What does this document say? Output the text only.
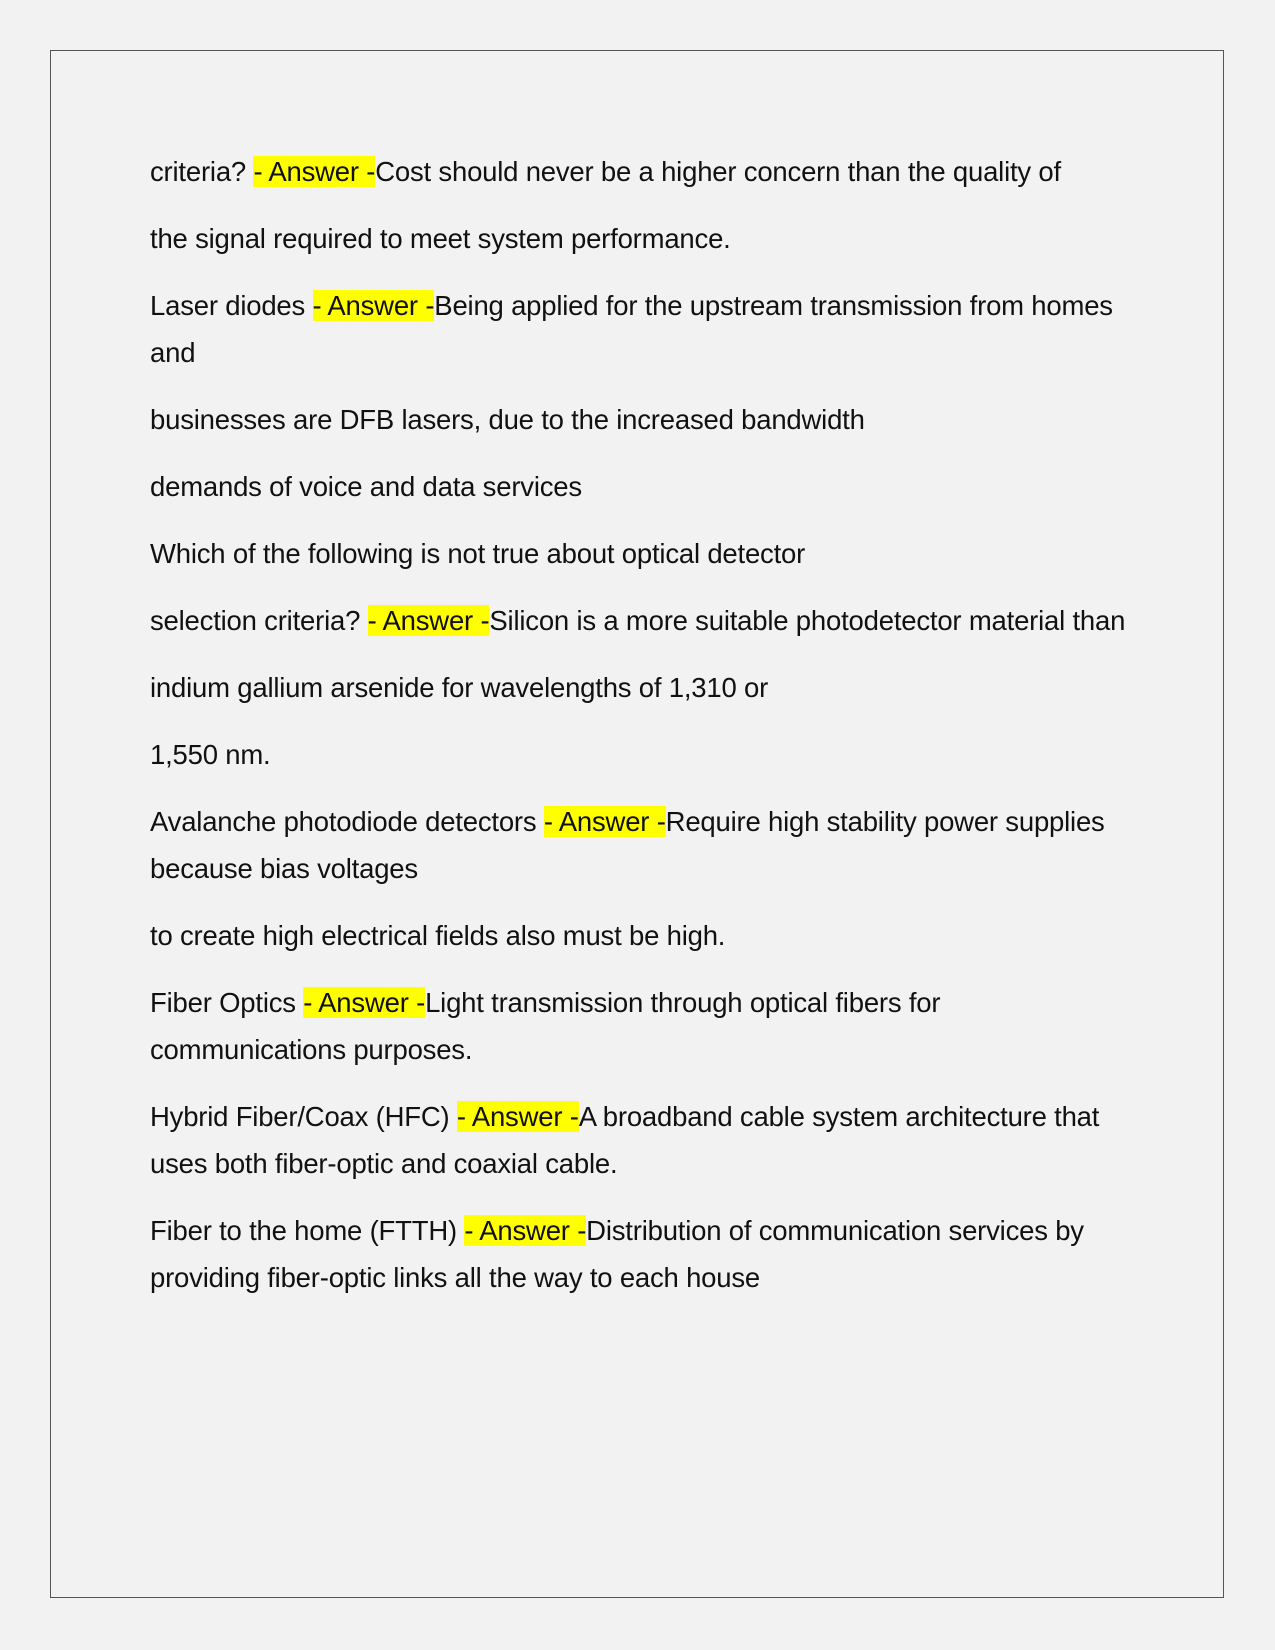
criteria? - Answer -Cost should never be a higher concern than the quality of

the signal required to meet system performance.

Laser diodes - Answer -Being applied for the upstream transmission from homes and

businesses are DFB lasers, due to the increased bandwidth

demands of voice and data services

Which of the following is not true about optical detector

selection criteria? - Answer -Silicon is a more suitable photodetector material than

indium gallium arsenide for wavelengths of 1,310 or

1,550 nm.

Avalanche photodiode detectors - Answer -Require high stability power supplies because bias voltages

to create high electrical fields also must be high.

Fiber Optics - Answer -Light transmission through optical fibers for communications purposes.

Hybrid Fiber/Coax (HFC) - Answer -A broadband cable system architecture that uses both fiber-optic and coaxial cable.

Fiber to the home (FTTH) - Answer -Distribution of communication services by providing fiber-optic links all the way to each house
